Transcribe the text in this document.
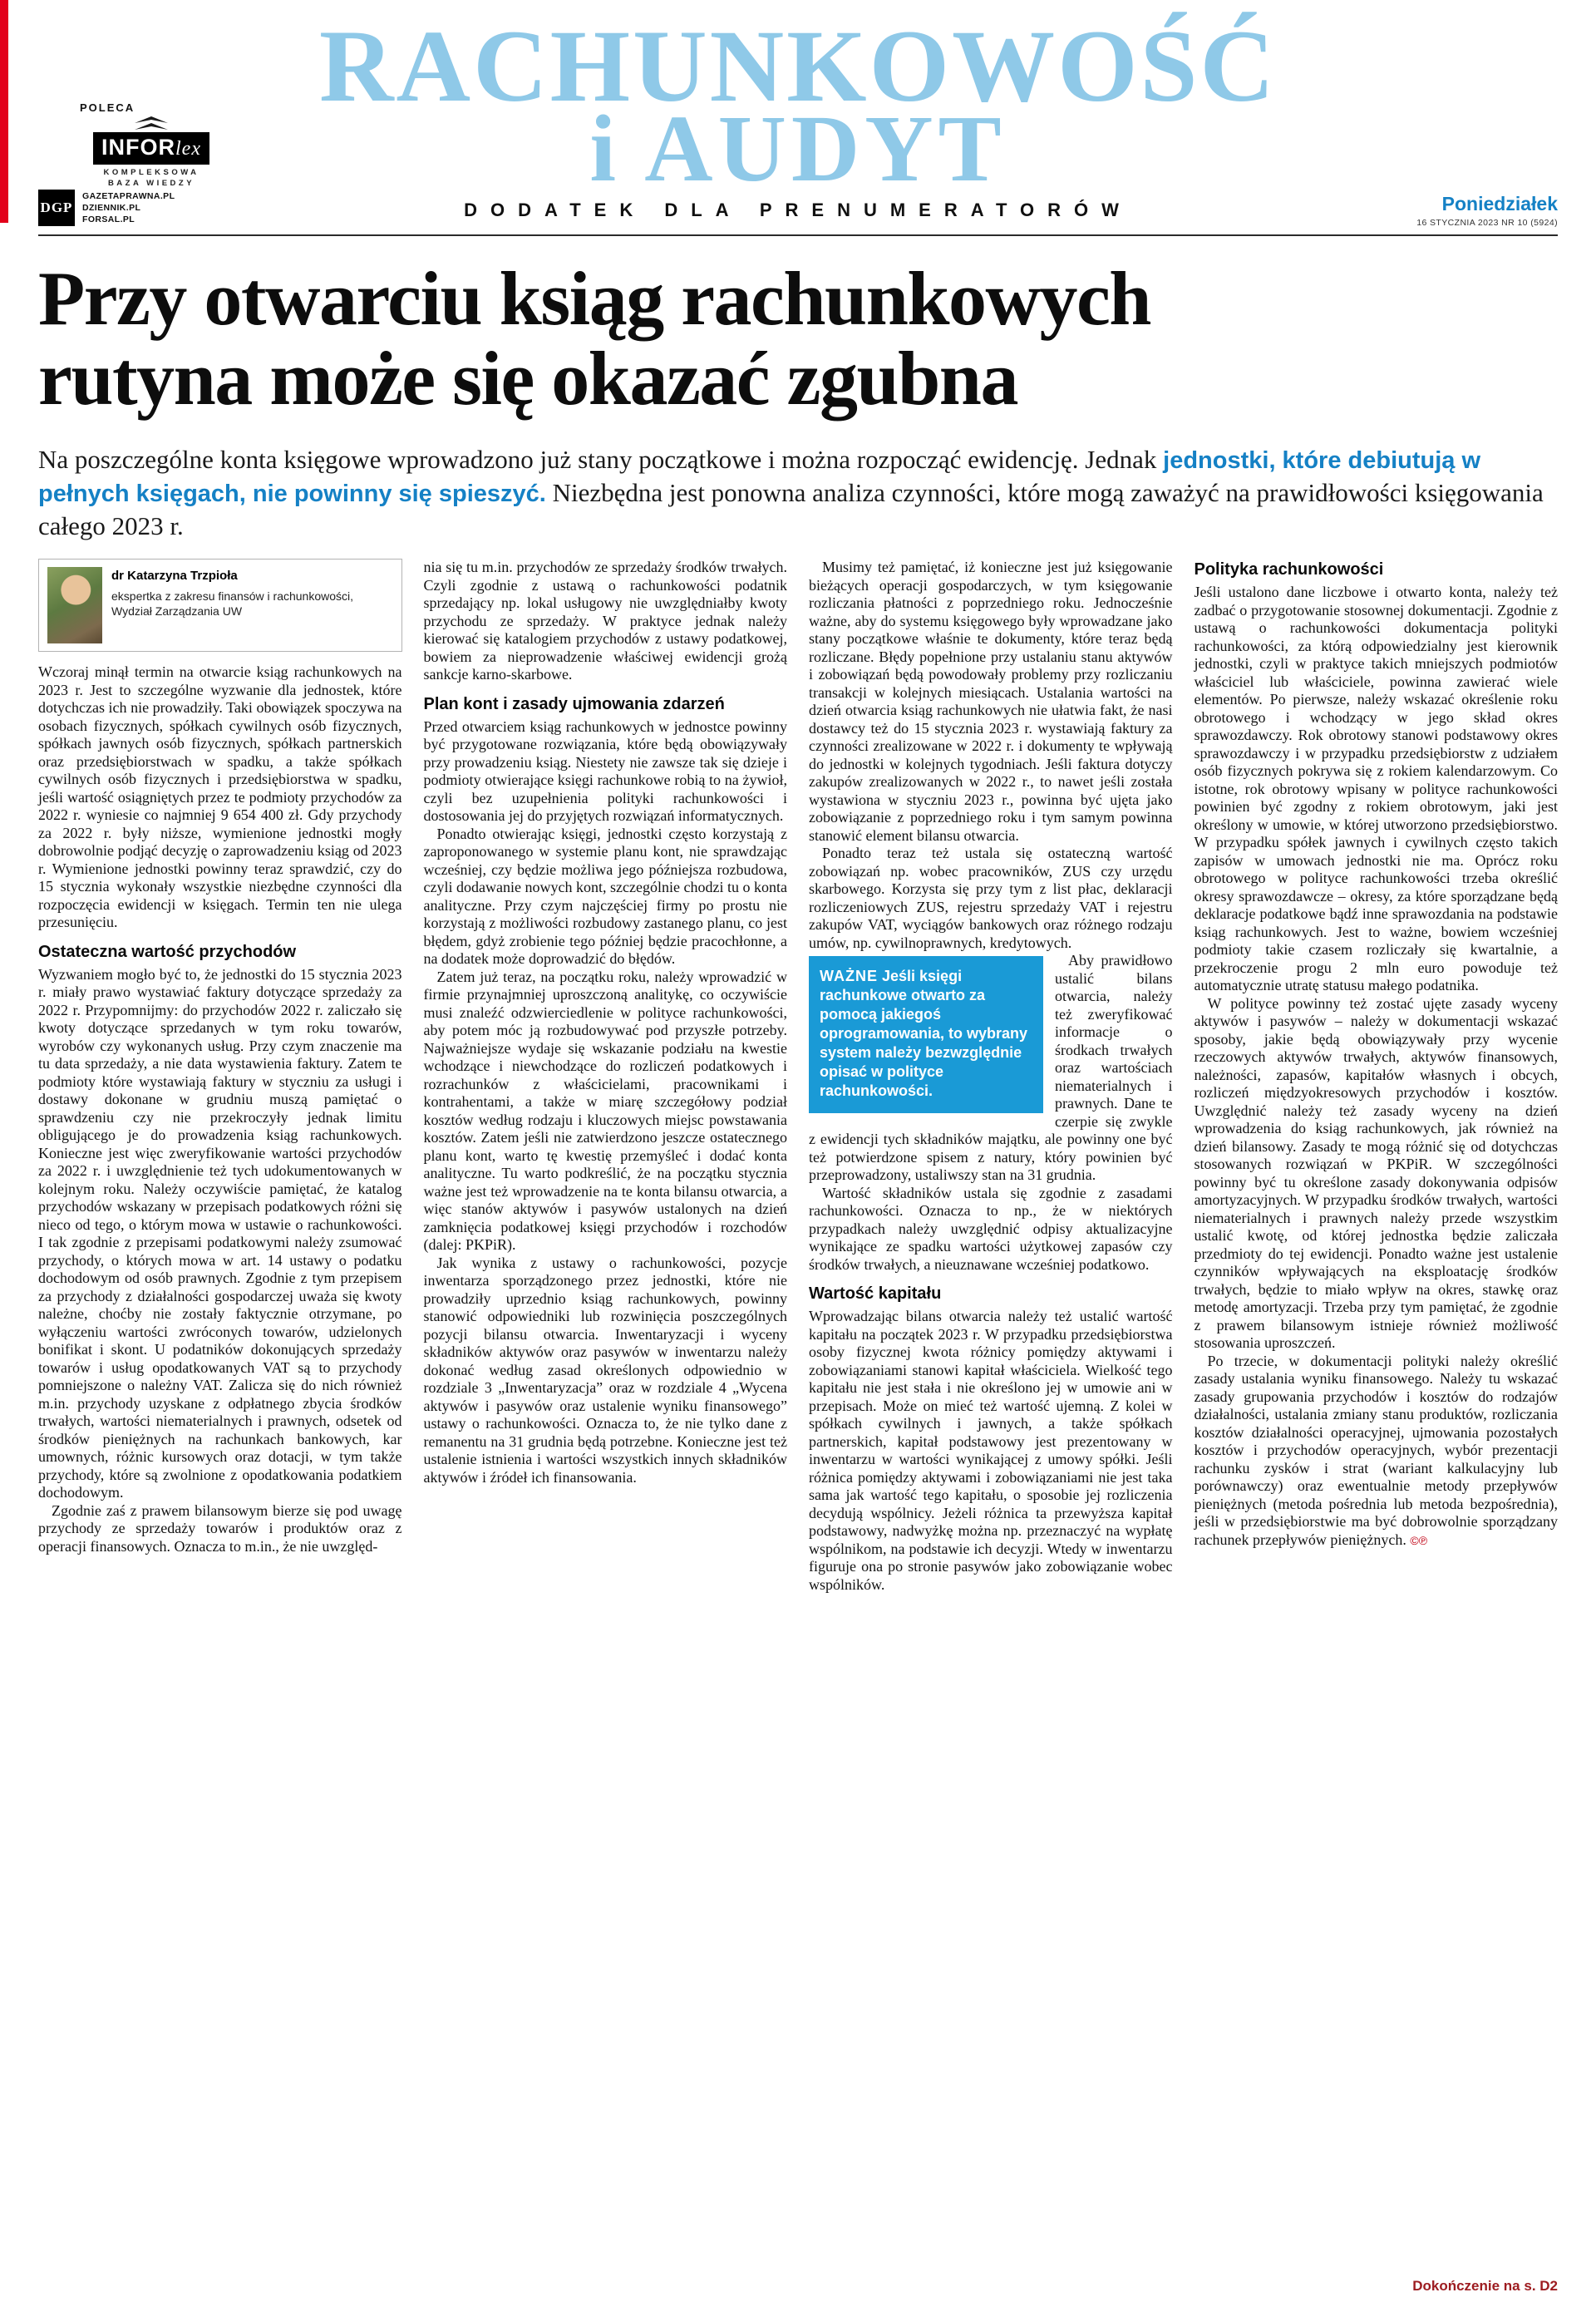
RACHUNKOWOŚĆ
i AUDYT
POLECA
INFORlex
KOMPLEKSOWA
BAZA WIEDZY
DGP
GAZETAPRAWNA.PL
DZIENNIK.PL
FORSAL.PL	DODATEK DLA PRENUMERATORÓW	Poniedziałek
16 STYCZNIA 2023 NR 10 (5924)
Przy otwarciu ksiąg rachunkowych
rutyna może się okazać zgubna

Na poszczególne konta księgowe wprowadzono już stany początkowe i można rozpocząć ewidencję. Jednak jednostki, które debiutują w pełnych księgach, nie powinny się spieszyć. Niezbędna jest ponowna analiza czynności, które mogą zaważyć na prawidłowości księgowania całego 2023 r.

dr Katarzyna Trzpioła
ekspertka z zakresu finansów i rachunkowości, Wydział Zarządzania UW

Wczoraj minął termin na otwarcie ksiąg rachunkowych na 2023 r. Jest to szczególne wyzwanie dla jednostek, które dotychczas ich nie prowadziły. Taki obowiązek spoczywa na osobach fizycznych, spółkach cywilnych osób fizycznych, spółkach jawnych osób fizycznych, spółkach partnerskich oraz przedsiębiorstwach w spadku, a także spółkach cywilnych osób fizycznych i przedsiębiorstwa w spadku, jeśli wartość osiągniętych przez te podmioty przychodów za 2022 r. wyniesie co najmniej 9 654 400 zł. Gdy przychody za 2022 r. były niższe, wymienione jednostki mogły dobrowolnie podjąć decyzję o zaprowadzeniu ksiąg od 2023 r. Wymienione jednostki powinny teraz sprawdzić, czy do 15 stycznia wykonały wszystkie niezbędne czynności dla rozpoczęcia ewidencji w księgach. Termin ten nie ulega przesunięciu.

Ostateczna wartość przychodów

Wyzwaniem mogło być to, że jednostki do 15 stycznia 2023 r. miały prawo wystawiać faktury dotyczące sprzedaży za 2022 r. Przypomnijmy: do przychodów 2022 r. zaliczało się kwoty dotyczące sprzedanych w tym roku towarów, wyrobów czy wykonanych usług. Przy czym znaczenie ma tu data sprzedaży, a nie data wystawienia faktury. Zatem te podmioty które wystawiają faktury w styczniu za usługi i dostawy dokonane w grudniu muszą pamiętać o sprawdzeniu czy nie przekroczyły jednak limitu obligującego je do prowadzenia ksiąg rachunkowych. Konieczne jest więc zweryfikowanie wartości przychodów za 2022 r. i uwzględnienie też tych udokumentowanych w kolejnym roku. Należy oczywiście pamiętać, że katalog przychodów wskazany w przepisach podatkowych różni się nieco od tego, o którym mowa w ustawie o rachunkowości. I tak zgodnie z przepisami podatkowymi należy zsumować przychody, o których mowa w art. 14 ustawy o podatku dochodowym od osób prawnych. Zgodnie z tym przepisem za przychody z działalności gospodarczej uważa się kwoty należne, choćby nie zostały faktycznie otrzymane, po wyłączeniu wartości zwróconych towarów, udzielonych bonifikat i skont. U podatników dokonujących sprzedaży towarów i usług opodatkowanych VAT są to przychody pomniejszone o należny VAT. Zalicza się do nich również m.in. przychody uzyskane z odpłatnego zbycia środków trwałych, wartości niematerialnych i prawnych, odsetek od środków pieniężnych na rachunkach bankowych, kar umownych, różnic kursowych oraz dotacji, w tym także przychody, które są zwolnione z opodatkowania podatkiem dochodowym.

Zgodnie zaś z prawem bilansowym bierze się pod uwagę przychody ze sprzedaży towarów i produktów oraz z operacji finansowych. Oznacza to m.in., że nie uwzględ-

nia się tu m.in. przychodów ze sprzedaży środków trwałych. Czyli zgodnie z ustawą o rachunkowości podatnik sprzedający np. lokal usługowy nie uwzględniałby kwoty przychodu ze sprzedaży. W praktyce jednak należy kierować się katalogiem przychodów z ustawy podatkowej, bowiem za nieprowadzenie właściwej ewidencji grożą sankcje karno-skarbowe.

Plan kont i zasady ujmowania zdarzeń

Przed otwarciem ksiąg rachunkowych w jednostce powinny być przygotowane rozwiązania, które będą obowiązywały przy prowadzeniu ksiąg. Niestety nie zawsze tak się dzieje i podmioty otwierające księgi rachunkowe robią to na żywioł, czyli bez uzupełnienia polityki rachunkowości i dostosowania jej do przyjętych rozwiązań informatycznych.

Ponadto otwierając księgi, jednostki często korzystają z zaproponowanego w systemie planu kont, nie sprawdzając wcześniej, czy będzie możliwa jego późniejsza rozbudowa, czyli dodawanie nowych kont, szczególnie chodzi tu o konta analityczne. Przy czym najczęściej firmy po prostu nie korzystają z możliwości rozbudowy zastanego planu, co jest błędem, gdyż zrobienie tego później będzie pracochłonne, a na dodatek może doprowadzić do błędów.

Zatem już teraz, na początku roku, należy wprowadzić w firmie przynajmniej uproszczoną analitykę, co oczywiście musi znaleźć odzwierciedlenie w polityce rachunkowości, aby potem móc ją rozbudowywać pod przyszłe potrzeby. Najważniejsze wydaje się wskazanie podziału na kwestie wchodzące i niewchodzące do rozliczeń podatkowych i rozrachunków z właścicielami, pracownikami i kontrahentami, a także w miarę szczegółowy podział kosztów według rodzaju i kluczowych miejsc powstawania kosztów. Zatem jeśli nie zatwierdzono jeszcze ostatecznego planu kont, warto tę kwestię przemyśleć i dodać konta analityczne. Tu warto podkreślić, że na początku stycznia ważne jest też wprowadzenie na te konta bilansu otwarcia, a więc stanów aktywów i pasywów ustalonych na dzień zamknięcia podatkowej księgi przychodów i rozchodów (dalej: PKPiR).

Jak wynika z ustawy o rachunkowości, pozycje inwentarza sporządzonego przez jednostki, które nie prowadziły uprzednio ksiąg rachunkowych, powinny stanowić odpowiedniki lub rozwinięcia poszczególnych pozycji bilansu otwarcia. Inwentaryzacji i wyceny składników aktywów oraz pasywów w inwentarzu należy dokonać według zasad określonych odpowiednio w rozdziale 3 „Inwentaryzacja” oraz w rozdziale 4 „Wycena aktywów i pasywów oraz ustalenie wyniku finansowego” ustawy o rachunkowości. Oznacza to, że nie tylko dane z remanentu na 31 grudnia będą potrzebne. Konieczne jest też ustalenie istnienia i wartości wszystkich innych składników aktywów i źródeł ich finansowania.

Musimy też pamiętać, iż konieczne jest już księgowanie bieżących operacji gospodarczych, w tym księgowanie rozliczania płatności z poprzedniego roku. Jednocześnie ważne, aby do systemu księgowego były wprowadzane jako stany początkowe właśnie te dokumenty, które teraz będą rozliczane. Błędy popełnione przy ustalaniu stanu aktywów i zobowiązań będą powodowały problemy przy rozliczaniu transakcji w kolejnych miesiącach. Ustalania wartości na dzień otwarcia ksiąg rachunkowych nie ułatwia fakt, że nasi dostawcy też do 15 stycznia 2023 r. wystawiają faktury za czynności zrealizowane w 2022 r. i dokumenty te wpływają do jednostki w kolejnych tygodniach. Jeśli faktura dotyczy zakupów zrealizowanych w 2022 r., to nawet jeśli została wystawiona w styczniu 2023 r., powinna być ujęta jako zobowiązanie z poprzedniego roku i tym samym powinna stanowić element bilansu otwarcia.

Ponadto teraz też ustala się ostateczną wartość zobowiązań np. wobec pracowników, ZUS czy urzędu skarbowego. Korzysta się przy tym z list płac, deklaracji rozliczeniowych ZUS, rejestru sprzedaży VAT i rejestru zakupów VAT, wyciągów bankowych oraz różnego rodzaju umów, np. cywilnoprawnych, kredytowych.

WAŻNE Jeśli księgi rachunkowe otwarto za pomocą jakiegoś oprogramowania, to wybrany system należy bezwzględnie opisać w polityce rachunkowości.

Aby prawidłowo ustalić bilans otwarcia, należy też zweryfikować informacje o środkach trwałych oraz wartościach niematerialnych i prawnych. Dane te czerpie się zwykle z ewidencji tych składników majątku, ale powinny one być też potwierdzone spisem z natury, który powinien być przeprowadzony, ustaliwszy stan na 31 grudnia.

Wartość składników ustala się zgodnie z zasadami rachunkowości. Oznacza to np., że w niektórych przypadkach należy uwzględnić odpisy aktualizacyjne wynikające ze spadku wartości użytkowej zapasów czy środków trwałych, a nieuznawane wcześniej podatkowo.

Wartość kapitału

Wprowadzając bilans otwarcia należy też ustalić wartość kapitału na początek 2023 r. W przypadku przedsiębiorstwa osoby fizycznej kwota różnicy pomiędzy aktywami i zobowiązaniami stanowi kapitał właściciela. Wielkość tego kapitału nie jest stała i nie określono jej w umowie ani w przepisach. Może on mieć też wartość ujemną. Z kolei w spółkach cywilnych i jawnych, a także spółkach partnerskich, kapitał podstawowy jest prezentowany w inwentarzu w wartości wynikającej z umowy spółki. Jeśli różnica pomiędzy aktywami i zobowiązaniami nie jest taka sama jak wartość tego kapitału, o sposobie jej rozliczenia decydują wspólnicy. Jeżeli różnica ta przewyższa kapitał podstawowy, nadwyżkę można np. przeznaczyć na wypłatę wspólnikom, na podstawie ich decyzji. Wtedy w inwentarzu figuruje ona po stronie pasywów jako zobowiązanie wobec wspólników.

Polityka rachunkowości

Jeśli ustalono dane liczbowe i otwarto konta, należy też zadbać o przygotowanie stosownej dokumentacji. Zgodnie z ustawą o rachunkowości dokumentacja polityki rachunkowości, za którą odpowiedzialny jest kierownik jednostki, czyli w praktyce takich mniejszych podmiotów właściciel lub właściciele, powinna zawierać wiele elementów. Po pierwsze, należy wskazać określenie roku obrotowego i wchodzący w jego skład okres sprawozdawczy. Rok obrotowy stanowi podstawowy okres sprawozdawczy i w przypadku przedsiębiorstw z udziałem osób fizycznych pokrywa się z rokiem kalendarzowym. Co istotne, rok obrotowy wpisany w polityce rachunkowości powinien być zgodny z rokiem obrotowym, jaki jest określony w umowie, w której utworzono przedsiębiorstwo. W przypadku spółek jawnych i cywilnych często takich zapisów w umowach jednostki nie ma. Oprócz roku obrotowego w polityce rachunkowości trzeba określić okresy sprawozdawcze – okresy, za które sporządzane będą deklaracje podatkowe bądź inne sprawozdania na podstawie ksiąg rachunkowych. Jest to ważne, bowiem wcześniej podmioty takie czasem rozliczały się kwartalnie, a przekroczenie progu 2 mln euro powoduje też automatycznie utratę statusu małego podatnika.

W polityce powinny też zostać ujęte zasady wyceny aktywów i pasywów – należy w dokumentacji wskazać sposoby, jakie będą obowiązywały przy wycenie rzeczowych aktywów trwałych, aktywów finansowych, należności, zapasów, kapitałów własnych i obcych, rozliczeń międzyokresowych przychodów i kosztów. Uwzględnić należy też zasady wyceny na dzień wprowadzenia do ksiąg rachunkowych, jak również na dzień bilansowy. Zasady te mogą różnić się od dotychczas stosowanych rozwiązań w PKPiR. W szczególności powinny być tu określone zasady dokonywania odpisów amortyzacyjnych. W przypadku środków trwałych, wartości niematerialnych i prawnych należy przede wszystkim ustalić kwotę, od której jednostka będzie zaliczała przedmioty do tej ewidencji. Ponadto ważne jest ustalenie czynników wpływających na eksploatację środków trwałych, będzie to miało wpływ na okres, stawkę oraz metodę amortyzacji. Trzeba przy tym pamiętać, że zgodnie z prawem bilansowym istnieje również możliwość stosowania uproszczeń.

Po trzecie, w dokumentacji polityki należy określić zasady ustalania wyniku finansowego. Należy tu wskazać zasady grupowania przychodów i kosztów do rodzajów działalności, ustalania zmiany stanu produktów, rozliczania kosztów działalności operacyjnej, ujmowania pozostałych kosztów i przychodów operacyjnych, wybór prezentacji rachunku zysków i strat (wariant kalkulacyjny lub porównawczy) oraz ewentualnie metody przepływów pieniężnych (metoda pośrednia lub metoda bezpośrednia), jeśli w przedsiębiorstwie ma być dobrowolnie sporządzany rachunek przepływów pieniężnych. ©℗

Dokończenie na s. D2
